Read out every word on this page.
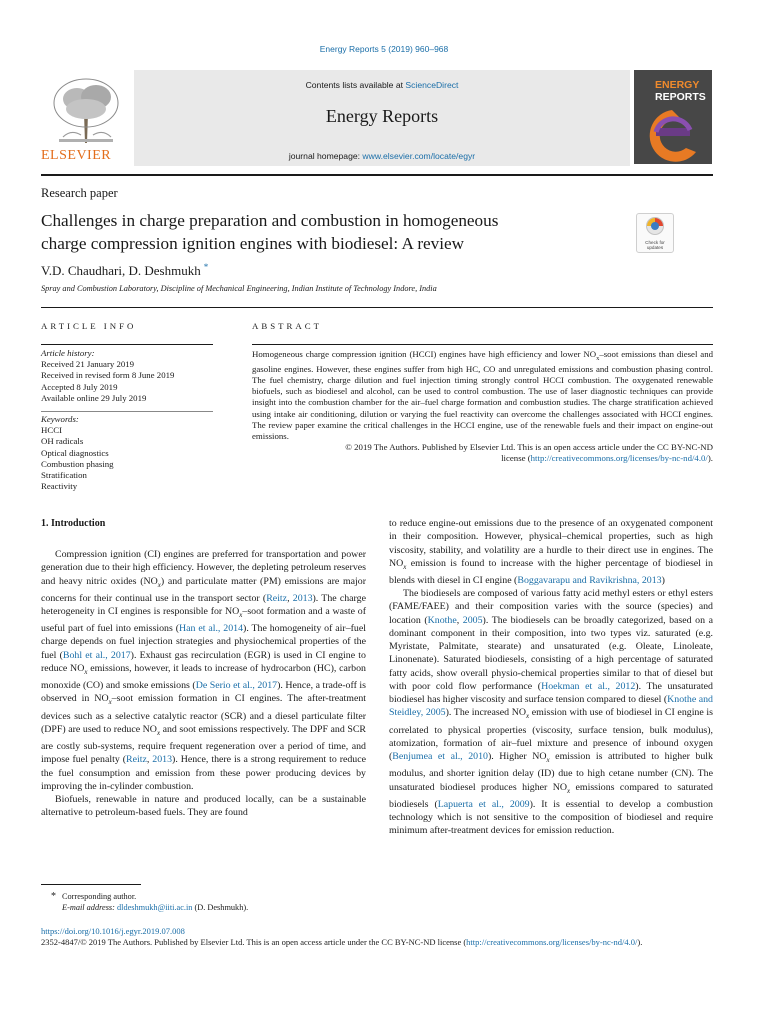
Energy Reports 5 (2019) 960–968
ELSEVIER
Contents lists available at ScienceDirect
Energy Reports
journal homepage: www.elsevier.com/locate/egyr
ENERGY
REPORTS
Research paper
Challenges in charge preparation and combustion in homogeneous
charge compression ignition engines with biodiesel: A review	Check for
updates
V.D. Chaudhari, D. Deshmukh *
Spray and Combustion Laboratory, Discipline of Mechanical Engineering, Indian Institute of Technology Indore, India
ARTICLE INFO
Article history:
Received 21 January 2019
Received in revised form 8 June 2019
Accepted 8 July 2019
Available online 29 July 2019
Keywords:
HCCI
OH radicals
Optical diagnostics
Combustion phasing
Stratification
Reactivity
ABSTRACT
Homogeneous charge compression ignition (HCCI) engines have high efficiency and lower $NO_x$–soot emissions than diesel and gasoline engines. However, these engines suffer from high HC, CO and unregulated emissions and combustion phasing control. The fuel chemistry, charge dilution and fuel injection timing strongly control HCCI combustion. The oxygenated renewable biofuels, such as biodiesel and alcohol, can be used to control combustion. The use of laser diagnostic techniques can provide insight into the combustion chamber for the air–fuel charge formation and combustion studies. The charge stratification achieved using intake air conditioning, dilution or varying the fuel reactivity can overcome the challenges associated with HCCI engines. The review paper examine the critical challenges in the HCCI engine, use of the renewable fuels and their impact on engine-out emissions.
© 2019 The Authors. Published by Elsevier Ltd. This is an open access article under the CC BY-NC-ND
license (http://creativecommons.org/licenses/by-nc-nd/4.0/).
1. Introduction

Compression ignition (CI) engines are preferred for transportation and power generation due to their high efficiency. However, the depleting petroleum reserves and heavy nitric oxides $(NO_x)$ and particulate matter (PM) emissions are major concerns for their continual use in the transport sector (Reitz, 2013). The charge heterogeneity in CI engines is responsible for $NO_x$–soot formation and a waste of useful part of fuel into emissions (Han et al., 2014). The homogeneity of air–fuel charge depends on fuel injection strategies and physiochemical properties of the fuel (Bohl et al., 2017). Exhaust gas recirculation (EGR) is used in CI engine to reduce $NO_x$ emissions, however, it leads to increase of hydrocarbon (HC), carbon monoxide (CO) and smoke emissions (De Serio et al., 2017). Hence, a trade-off is observed in $NO_x$–soot emission formation in CI engines. The after-treatment devices such as a selective catalytic reactor (SCR) and a diesel particulate filter (DPF) are used to reduce $NO_x$ and soot emissions respectively. The DPF and SCR are costly sub-systems, require frequent regeneration over a period of time, and impose fuel penalty (Reitz, 2013). Hence, there is a strong requirement to reduce the fuel consumption and emission from these power producing devices by improving the in-cylinder combustion.

Biofuels, renewable in nature and produced locally, can be a sustainable alternative to petroleum-based fuels. They are found

to reduce engine-out emissions due to the presence of an oxygenated component in their composition. However, physical–chemical properties, such as high viscosity, stability, and volatility are a hurdle to their direct use in engines. The $NO_x$ emission is found to increase with the higher percentage of biodiesel in blends with diesel in CI engine (Boggavarapu and Ravikrishna, 2013)

The biodiesels are composed of various fatty acid methyl esters or ethyl esters (FAME/FAEE) and their composition varies with the source (species) and location (Knothe, 2005). The biodiesels can be broadly categorized, based on a dominant component in their composition, into two types viz. saturated (e.g. Myristate, Palmitate, stearate) and unsaturated (e.g. Oleate, Linoleate, Linonenate). Saturated biodiesels, consisting of a high percentage of saturated fatty acids, show overall physio-chemical properties similar to that of diesel but with poor cold flow performance (Hoekman et al., 2012). The unsaturated biodiesel has higher viscosity and surface tension compared to diesel (Knothe and Steidley, 2005). The increased $NO_x$ emission with use of biodiesel in CI engine is correlated to physical properties (viscosity, surface tension, bulk modulus), atomization, formation of air–fuel mixture and presence of inbound oxygen (Benjumea et al., 2010). Higher $NO_x$ emission is attributed to higher bulk modulus, and shorter ignition delay (ID) due to high cetane number (CN). The unsaturated biodiesel produces higher $NO_x$ emissions compared to saturated biodiesels (Lapuerta et al., 2009). It is essential to develop a combustion technology which is not sensitive to the composition of biodiesel and require minimum after-treatment devices for emission reduction.

* Corresponding author.
E-mail address: dldeshmukh@iiti.ac.in (D. Deshmukh).
https://doi.org/10.1016/j.egyr.2019.07.008
2352-4847/© 2019 The Authors. Published by Elsevier Ltd. This is an open access article under the CC BY-NC-ND license (http://creativecommons.org/licenses/by-nc-nd/4.0/).
